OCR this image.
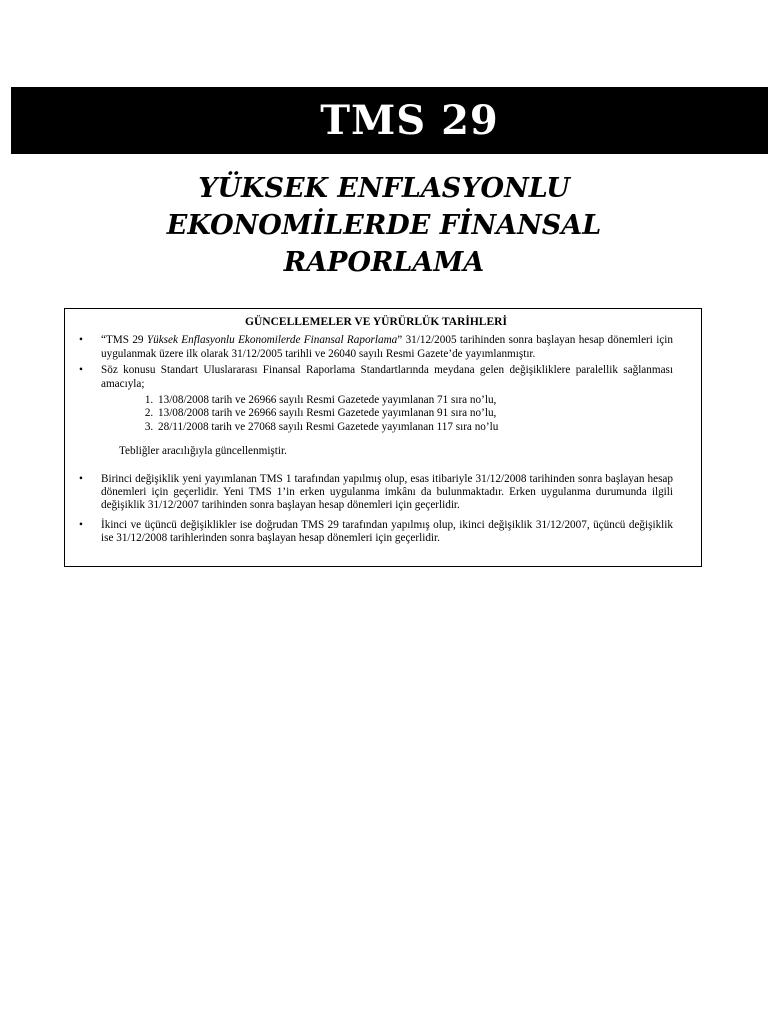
TMS 29
YÜKSEK ENFLASYONLU
EKONOMİLERDE FİNANSAL
RAPORLAMA
GÜNCELLEMELER VE YÜRÜRLÜK TARİHLERİ
• “TMS 29 Yüksek Enflasyonlu Ekonomilerde Finansal Raporlama” 31/12/2005 tarihinden sonra başlayan hesap dönemleri için uygulanmak üzere ilk olarak 31/12/2005 tarihli ve 26040 sayılı Resmi Gazete’de yayımlanmıştır.
• Söz konusu Standart Uluslararası Finansal Raporlama Standartlarında meydana gelen değişikliklere paralellik sağlanması amacıyla;
1. 13/08/2008 tarih ve 26966 sayılı Resmi Gazetede yayımlanan 71 sıra no’lu,
2. 13/08/2008 tarih ve 26966 sayılı Resmi Gazetede yayımlanan 91 sıra no’lu,
3. 28/11/2008 tarih ve 27068 sayılı Resmi Gazetede yayımlanan 117 sıra no’lu
Tebliğler aracılığıyla güncellenmiştir.
• Birinci değişiklik yeni yayımlanan TMS 1 tarafından yapılmış olup, esas itibariyle 31/12/2008 tarihinden sonra başlayan hesap dönemleri için geçerlidir. Yeni TMS 1’in erken uygulanma imkânı da bulunmaktadır. Erken uygulanma durumunda ilgili değişiklik 31/12/2007 tarihinden sonra başlayan hesap dönemleri için geçerlidir.
• İkinci ve üçüncü değişiklikler ise doğrudan TMS 29 tarafından yapılmış olup, ikinci değişiklik 31/12/2007, üçüncü değişiklik ise 31/12/2008 tarihlerinden sonra başlayan hesap dönemleri için geçerlidir.
